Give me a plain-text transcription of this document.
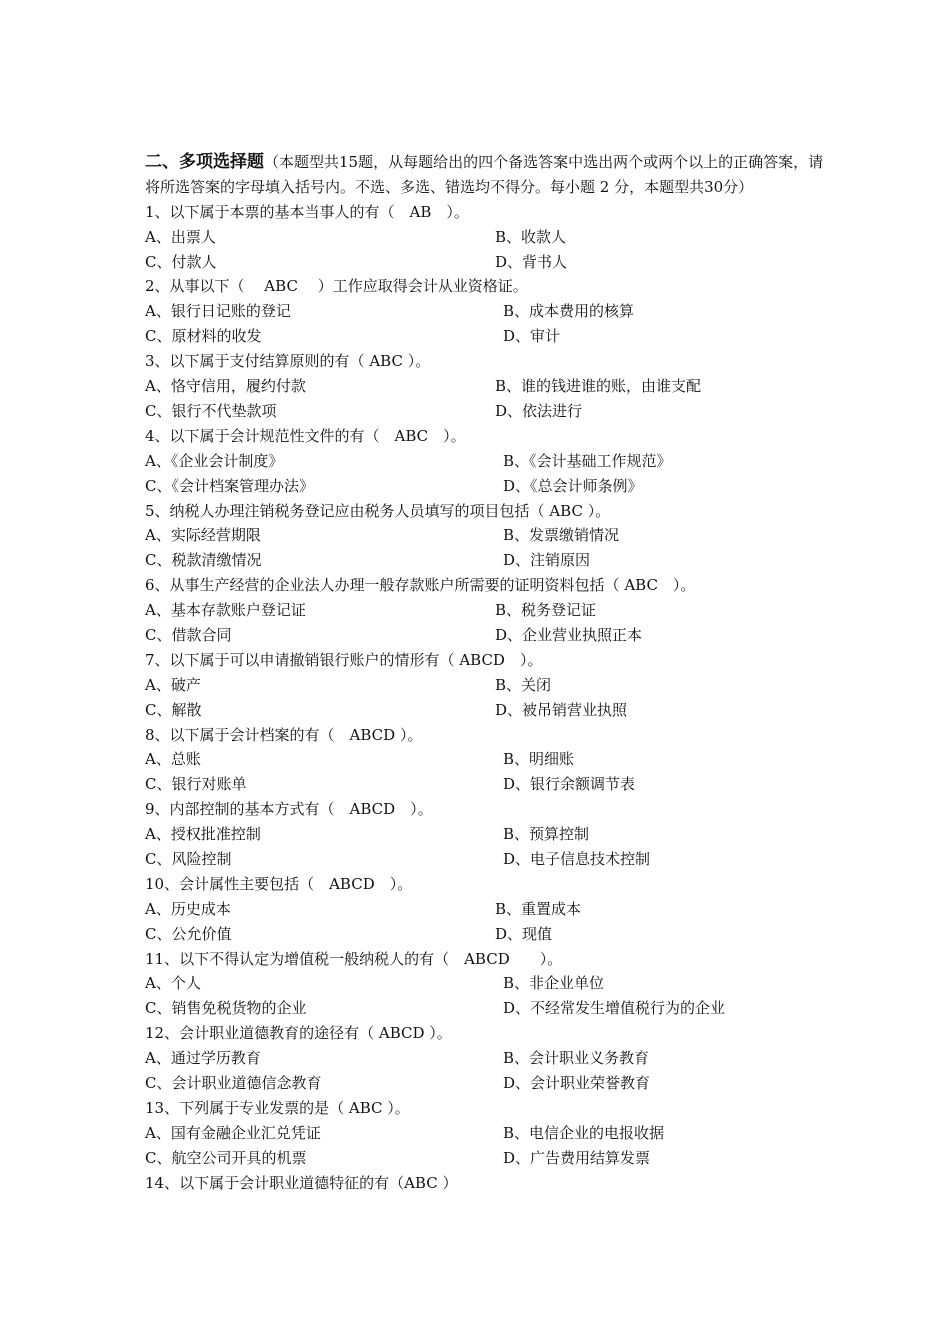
二、多项选择题（本题型共15题，从每题给出的四个备选答案中选出两个或两个以上的正确答案，请将所选答案的字母填入括号内。不选、多选、错选均不得分。每小题 2 分，本题型共30分）

1、以下属于本票的基本当事人的有（　AB　）。
A、出票人	B、收款人
C、付款人	D、背书人
2、从事以下（　 ABC　 ）工作应取得会计从业资格证。
A、银行日记账的登记	B、成本费用的核算
C、原材料的收发	D、审计
3、以下属于支付结算原则的有（ ABC ）。
A、恪守信用，履约付款	B、谁的钱进谁的账，由谁支配
C、银行不代垫款项	D、依法进行
4、以下属于会计规范性文件的有（　ABC　）。
A、《企业会计制度》	B、《会计基础工作规范》
C、《会计档案管理办法》	D、《总会计师条例》
5、纳税人办理注销税务登记应由税务人员填写的项目包括（ ABC ）。
A、实际经营期限	B、发票缴销情况
C、税款清缴情况	D、注销原因
6、从事生产经营的企业法人办理一般存款账户所需要的证明资料包括（ ABC　）。
A、基本存款账户登记证	B、税务登记证
C、借款合同	D、企业营业执照正本
7、以下属于可以申请撤销银行账户的情形有（ ABCD　）。
A、破产	B、关闭
C、解散	D、被吊销营业执照
8、以下属于会计档案的有（　ABCD ）。
A、总账	B、明细账
C、银行对账单	D、银行余额调节表
9、内部控制的基本方式有（　ABCD　）。
A、授权批准控制	B、预算控制
C、风险控制	D、电子信息技术控制
10、会计属性主要包括（　ABCD　）。
A、历史成本	B、重置成本
C、公允价值	D、现值
11、以下不得认定为增值税一般纳税人的有（　ABCD　　）。
A、个人	B、非企业单位
C、销售免税货物的企业	D、不经常发生增值税行为的企业
12、会计职业道德教育的途径有（ ABCD ）。
A、通过学历教育	B、会计职业义务教育
C、会计职业道德信念教育	D、会计职业荣誉教育
13、下列属于专业发票的是（ ABC ）。
A、国有金融企业汇兑凭证	B、电信企业的电报收据
C、航空公司开具的机票	D、广告费用结算发票
14、以下属于会计职业道德特征的有（ABC ）
